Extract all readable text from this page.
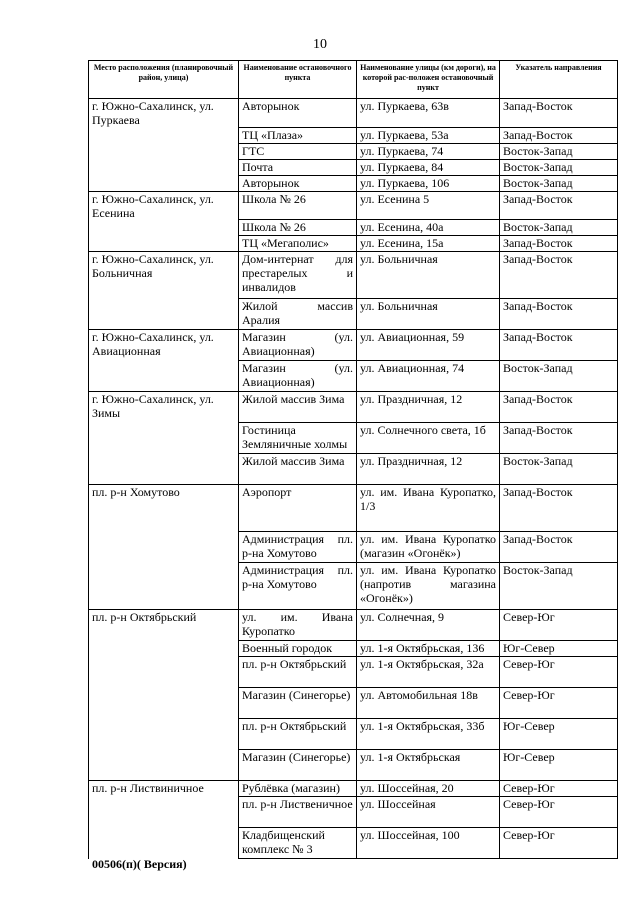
10
Место расположения (планировочный район, улица)	Наименование остановочного пункта	Наименование улицы (км дороги), на которой рас-положен остановочный пункт	Указатель направления
г. Южно-Сахалинск, ул. Пуркаева	Авторынок	ул. Пуркаева, 63в	Запад-Восток
	ТЦ «Плаза»	ул. Пуркаева, 53а	Запад-Восток
	ГТС	ул. Пуркаева, 74	Восток-Запад
	Почта	ул. Пуркаева, 84	Восток-Запад
	Авторынок	ул. Пуркаева, 106	Восток-Запад
г. Южно-Сахалинск, ул. Есенина	Школа № 26	ул. Есенина 5	Запад-Восток
	Школа № 26	ул. Есенина, 40а	Восток-Запад
	ТЦ «Мегаполис»	ул. Есенина, 15а	Запад-Восток
г. Южно-Сахалинск, ул. Больничная	Дом-интернат для престарелых и инвалидов	ул. Больничная	Запад-Восток
	Жилой массив Аралия	ул. Больничная	Запад-Восток
г. Южно-Сахалинск, ул. Авиационная	Магазин (ул. Авиационная)	ул. Авиационная, 59	Запад-Восток
	Магазин (ул. Авиационная)	ул. Авиационная, 74	Восток-Запад
г. Южно-Сахалинск, ул. Зимы	Жилой массив Зима	ул. Праздничная, 12	Запад-Восток
	Гостиница Земляничные холмы	ул. Солнечного света, 1б	Запад-Восток
	Жилой массив Зима	ул. Праздничная, 12	Восток-Запад
пл. р-н Хомутово	Аэропорт	ул. им. Ивана Куропатко, 1/3	Запад-Восток
	Администрация пл. р-на Хомутово	ул. им. Ивана Куропатко (магазин «Огонёк»)	Запад-Восток
	Администрация пл. р-на Хомутово	ул. им. Ивана Куропатко (напротив магазина «Огонёк»)	Восток-Запад
пл. р-н Октябрьский	ул. им. Ивана Куропатко	ул. Солнечная, 9	Север-Юг
	Военный городок	ул. 1-я Октябрьская, 136	Юг-Север
	пл. р-н Октябрьский	ул. 1-я Октябрьская, 32а	Север-Юг
	Магазин (Синегорье)	ул. Автомобильная 18в	Север-Юг
	пл. р-н Октябрьский	ул. 1-я Октябрьская, 33б	Юг-Север
	Магазин (Синегорье)	ул. 1-я Октябрьская	Юг-Север
пл. р-н Листвиничное	Рублёвка (магазин)	ул. Шоссейная, 20	Север-Юг
	пл. р-н Лиственичное	ул. Шоссейная	Север-Юг
	Кладбищенский комплекс № 3	ул. Шоссейная, 100	Север-Юг
00506(п)( Версия)
